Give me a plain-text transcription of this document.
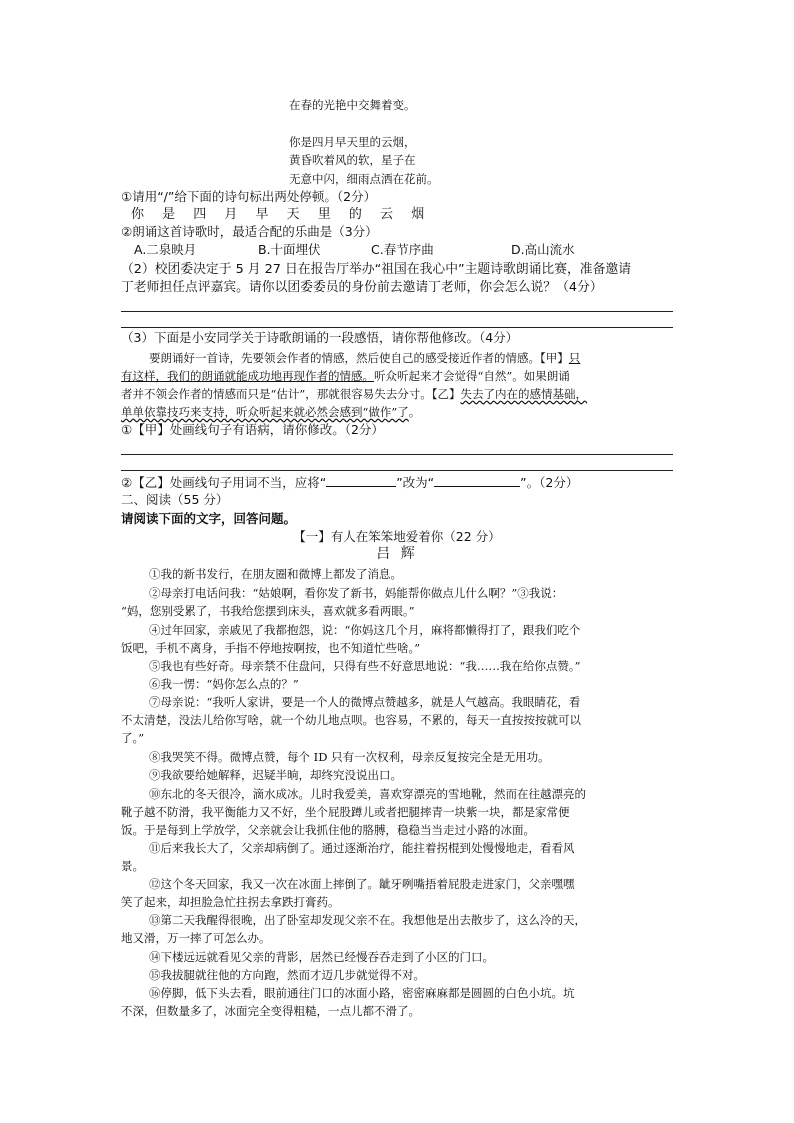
在春的光艳中交舞着变。
你是四月早天里的云烟，
黄昏吹着风的软，星子在
无意中闪，细雨点洒在花前。
①请用“/”给下面的诗句标出两处停顿。（2分）
你 是 四 月 早 天 里 的 云 烟
②朗诵这首诗歌时，最适合配的乐曲是（3分）
A.二泉映月	B.十面埋伏	C.春节序曲	D.高山流水
（2）校团委决定于 5 月 27 日在报告厅举办“祖国在我心中”主题诗歌朗诵比赛，准备邀请
丁老师担任点评嘉宾。请你以团委委员的身份前去邀请丁老师，你会怎么说？（4分）
（3）下面是小安同学关于诗歌朗诵的一段感悟，请你帮他修改。（4分）
要朗诵好一首诗，先要领会作者的情感，然后使自己的感受接近作者的情感。【甲】只
有这样，我们的朗诵就能成功地再现作者的情感。听众听起来才会觉得“自然”。如果朗诵
者并不领会作者的情感而只是“估计”，那就很容易失去分寸。【乙】失去了内在的感情基础，
单单依靠技巧来支持，听众听起来就必然会感到“做作”了。
①【甲】处画线句子有语病，请你修改。（2分）
②【乙】处画线句子用词不当，应将“	”改为“	”。（2分）
二、阅读（55 分）
请阅读下面的文字，回答问题。
【一】有人在笨笨地爱着你（22 分）
吕 辉
①我的新书发行，在朋友圈和微博上都发了消息。
②母亲打电话问我：“姑娘啊，看你发了新书，妈能帮你做点儿什么啊？”③我说：
“妈，您别受累了，书我给您摆到床头，喜欢就多看两眼。”
④过年回家，亲戚见了我都抱怨，说：“你妈这几个月，麻将都懒得打了，跟我们吃个
饭吧，手机不离身，手指不停地按啊按，也不知道忙些啥。”
⑤我也有些好奇。母亲禁不住盘问，只得有些不好意思地说：“我……我在给你点赞。”
⑥我一愣：“妈你怎么点的？”
⑦母亲说：“我听人家讲，要是一个人的微博点赞越多，就是人气越高。我眼睛花，看
不太清楚，没法儿给你写啥，就一个幼儿地点呗。也容易，不累的，每天一直按按按就可以
了。”
⑧我哭笑不得。微博点赞，每个 ID 只有一次权利，母亲反复按完全是无用功。
⑨我欲要给她解释，迟疑半晌，却终究没说出口。
⑩东北的冬天很冷，滴水成冰。儿时我爱美，喜欢穿漂亮的雪地靴，然而在往越漂亮的
靴子越不防滑，我平衡能力又不好，坐个屁股蹲儿或者把腿摔青一块紫一块，都是家常便
饭。于是每到上学放学，父亲就会让我抓住他的胳膊，稳稳当当走过小路的冰面。
⑪后来我长大了，父亲却病倒了。通过逐渐治疗，能拄着拐棍到处慢慢地走，看看风
景。
⑫这个冬天回家，我又一次在冰面上摔倒了。龇牙咧嘴捂着屁股走进家门，父亲嘿嘿
笑了起来，却担脸急忙拄拐去拿跌打膏药。
⑬第二天我醒得很晚，出了卧室却发现父亲不在。我想他是出去散步了，这么冷的天，
地又滑，万一摔了可怎么办。
⑭下楼远远就看见父亲的背影，居然已经慢吞吞走到了小区的门口。
⑮我拔腿就往他的方向跑，然而才迈几步就觉得不对。
⑯停脚，低下头去看，眼前通往门口的冰面小路，密密麻麻都是圆圆的白色小坑。坑
不深，但数量多了，冰面完全变得粗糙，一点儿都不滑了。
